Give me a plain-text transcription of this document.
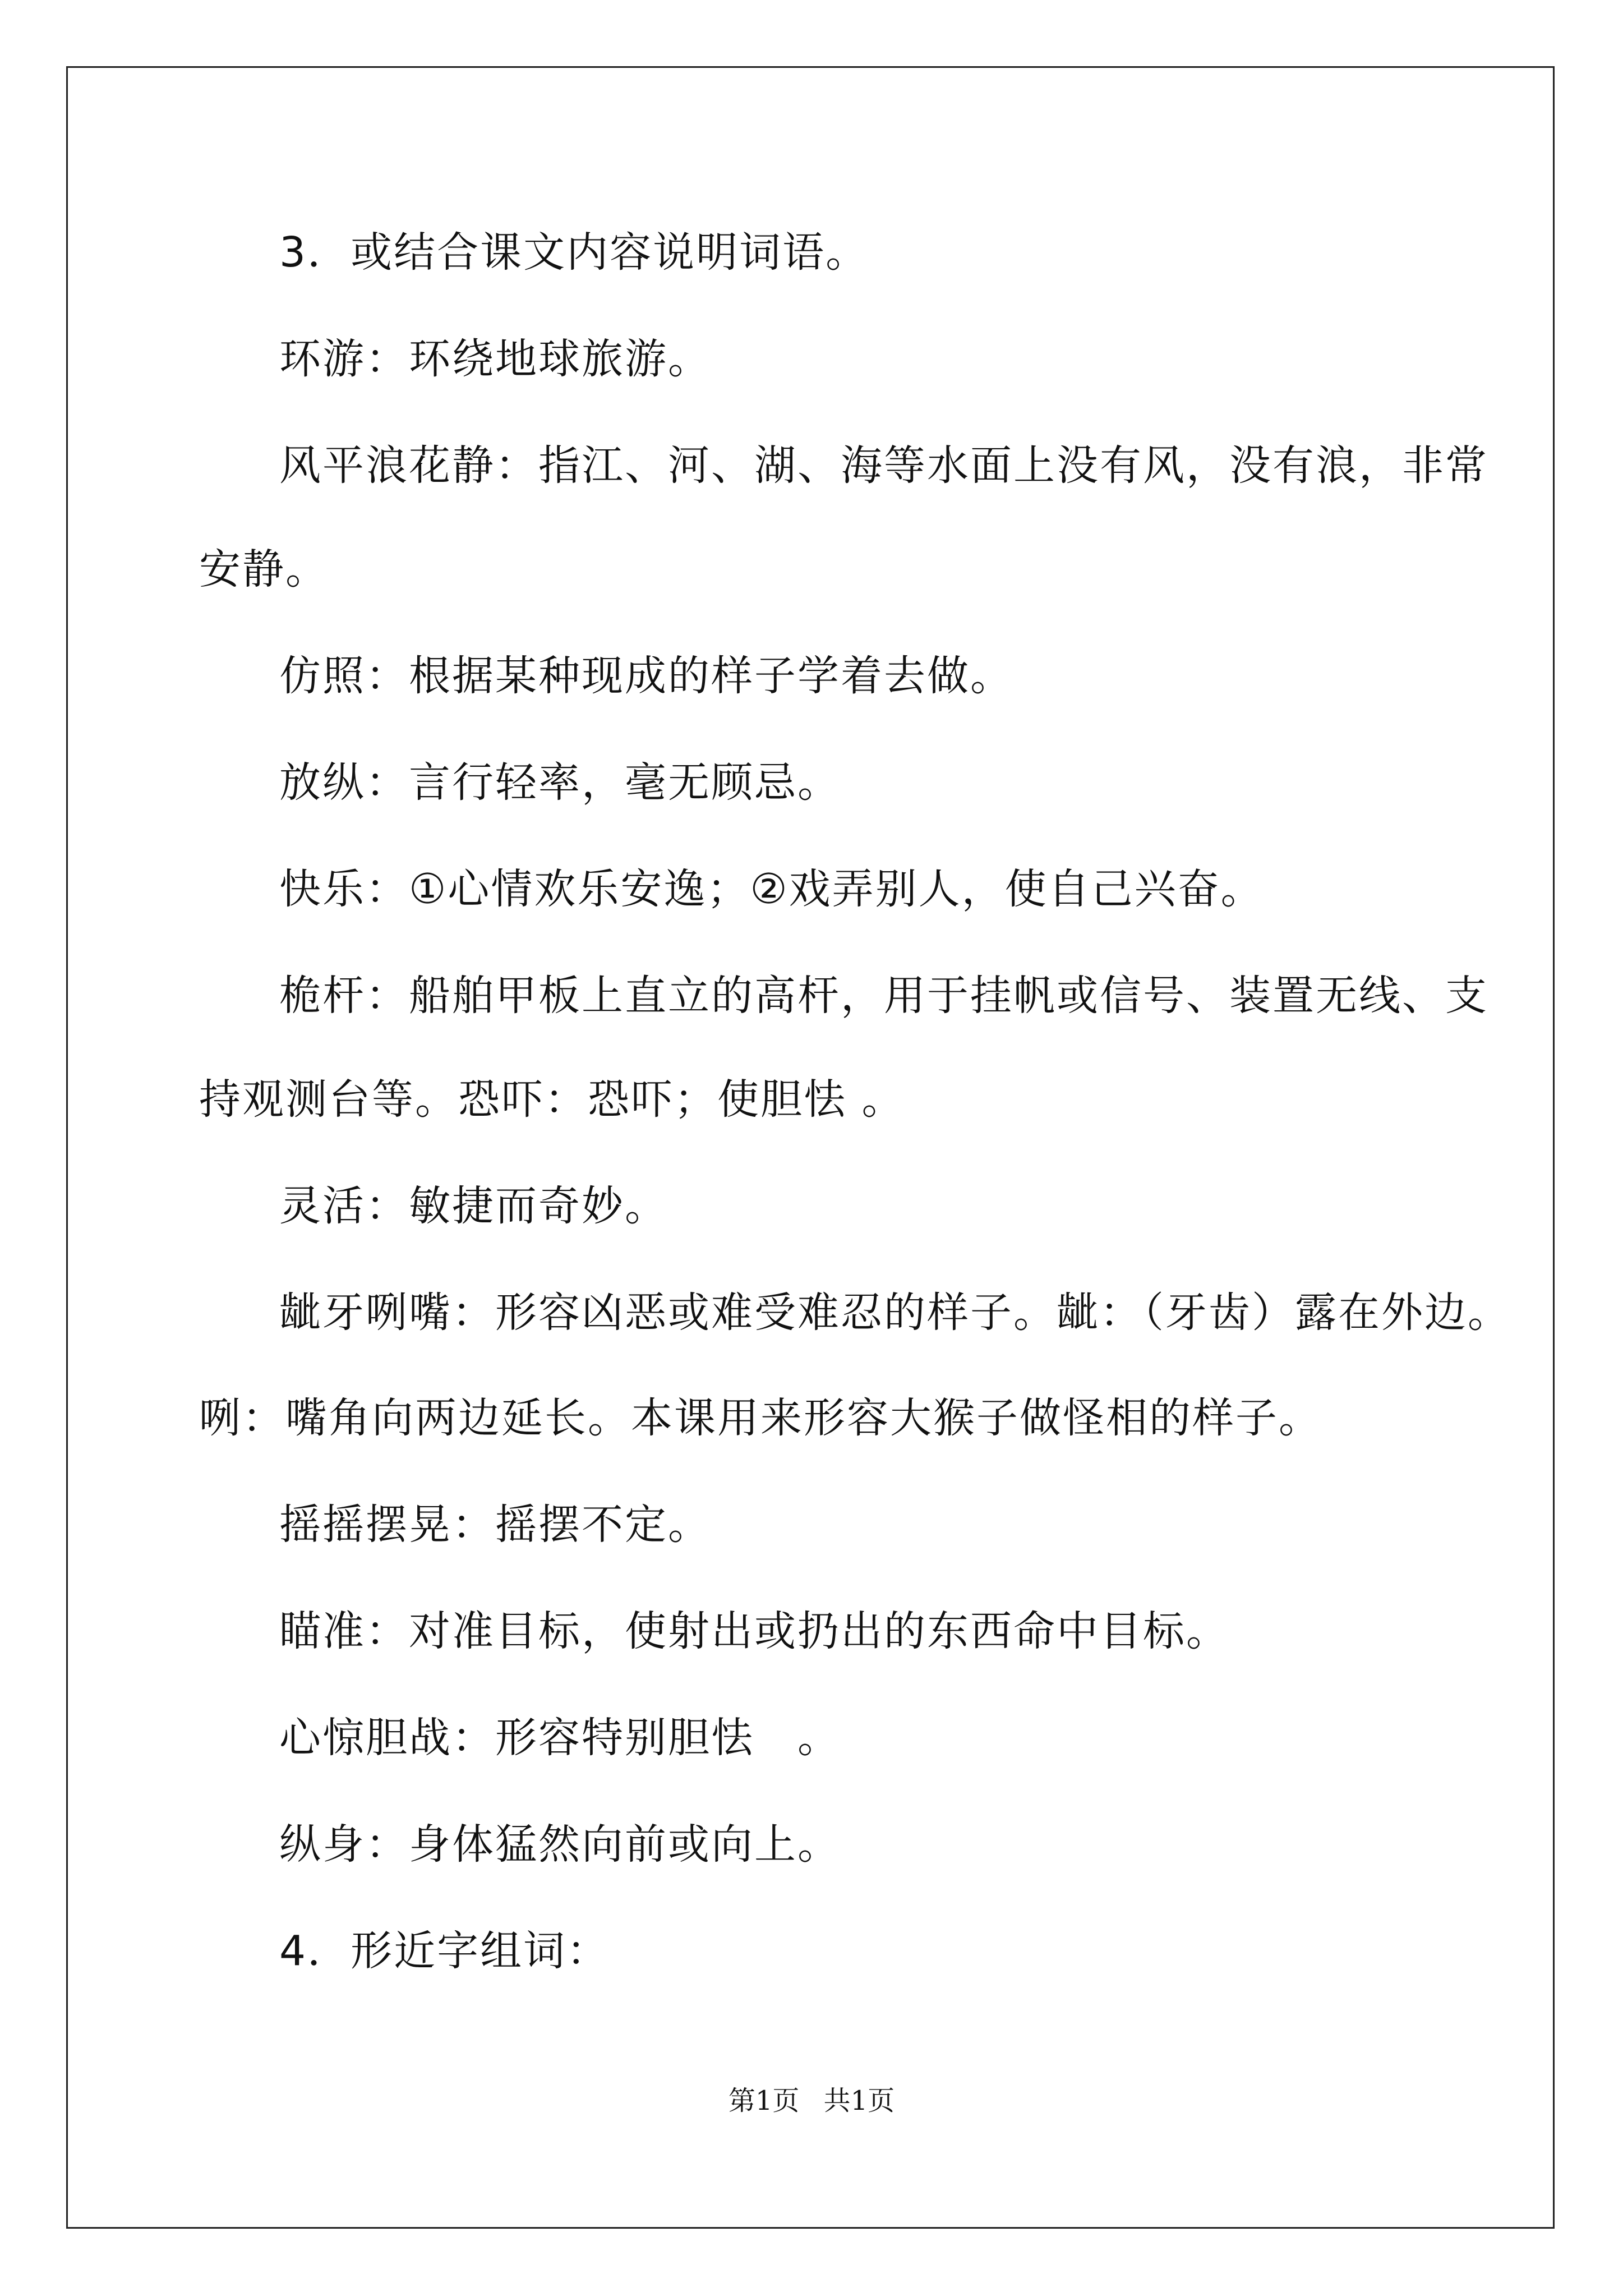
3．或结合课文内容说明词语。
环游：环绕地球旅游。
风平浪花静：指江、河、湖、海等水面上没有风，没有浪，非常
安静。
仿照：根据某种现成的样子学着去做。
放纵：言行轻率，毫无顾忌。
快乐：①心情欢乐安逸；②戏弄别人，使自己兴奋。
桅杆：船舶甲板上直立的高杆，用于挂帆或信号、装置无线、支
持观测台等。恐吓：恐吓；使胆怯 。
灵活：敏捷而奇妙。
龇牙咧嘴：形容凶恶或难受难忍的样子。龇：（牙齿）露在外边。
咧：嘴角向两边延长。本课用来形容大猴子做怪相的样子。
摇摇摆晃：摇摆不定。
瞄准：对准目标，使射出或扔出的东西命中目标。
心惊胆战：形容特别胆怯　。
纵身：身体猛然向前或向上。
4．形近字组词：
第1页 共1页
